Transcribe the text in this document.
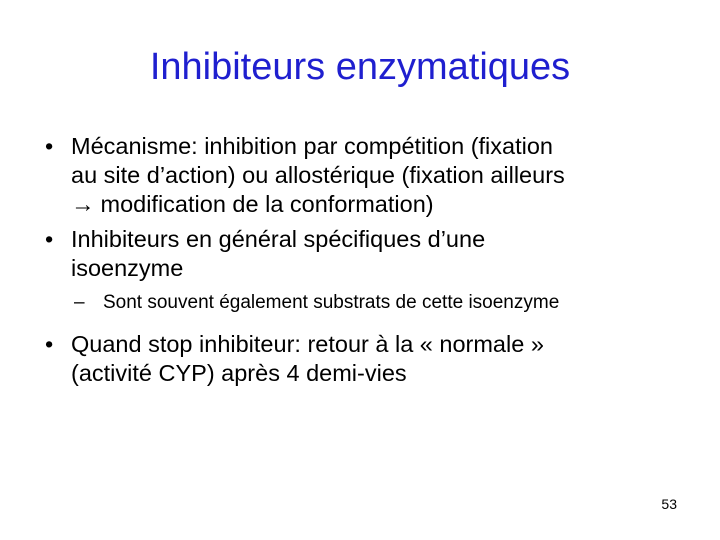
Inhibiteurs enzymatiques
• Mécanisme: inhibition par compétition (fixation
au site d’action) ou allostérique (fixation ailleurs
→ modification de la conformation)
• Inhibiteurs en général spécifiques d’une
isoenzyme
– Sont souvent également substrats de cette isoenzyme
• Quand stop inhibiteur: retour à la « normale »
(activité CYP) après 4 demi-vies
53
